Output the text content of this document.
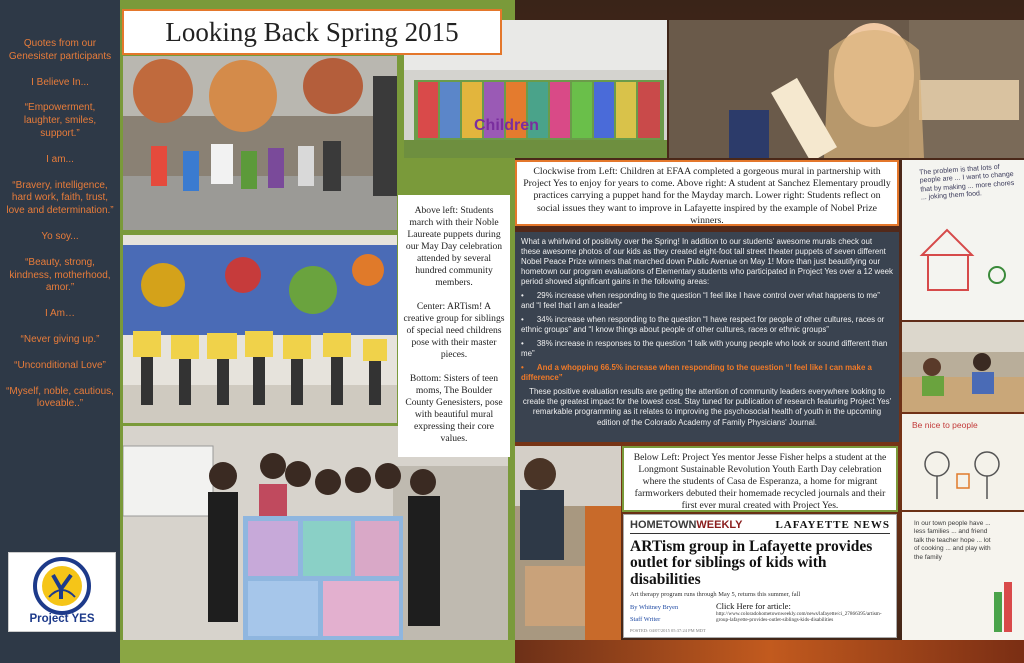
Quotes from our Genesister participants

I Believe In...

“Empowerment, laughter, smiles, support.”

I am...

“Bravery, intelligence, hard work, faith, trust, love and determination.”

Yo soy...

“Beauty, strong, kindness, motherhood, amor.”

I Am…

“Never giving up.”

“Unconditional Love”

“Myself, noble, cautious, loveable..”

Project YES
Children
The problem is that lots of people are ... I want to change that by making ... more chores ... joking them food.
Be nice to people
In our town people have ... less families ... and friend talk the teacher hope ... lot of cooking ... and play with the family
Looking Back Spring 2015

Above left: Students march with their Noble Laureate puppets during our May Day celebration attended by several hundred community members.

Center: ARTism! A creative group for siblings of special need childrens pose with their master pieces.

Bottom: Sisters of teen moms, The Boulder County Genesisters, pose with beautiful mural expressing their core values.

Clockwise from Left: Children at EFAA completed a gorgeous mural in partnership with Project Yes to enjoy for years to come. Above right: A student at Sanchez Elementary proudly practices carrying a puppet hand for the Mayday march. Lower right: Students reflect on social issues they want to improve in Lafayette inspired by the example of Nobel Prize winners.
Below Left: Project Yes mentor Jesse Fisher helps a student at the Longmont Sustainable Revolution Youth Earth Day celebration where the students of Casa de Esperanza, a home for migrant farmworkers debuted their homemade recycled journals and their first ever mural created with Project Yes.

What a whirlwind of positivity over the Spring! In addition to our students' awesome murals check out these awesome photos of our kids as they created eight-foot tall street theater puppets of seven different Nobel Peace Prize winners that marched down Public Avenue on May 1! More than just beautifying our hometown our program evaluations of Elementary students who participated in Project Yes over a 12 week period showed significant gains in the following areas:

•      29% increase when responding to the question “I feel like I have control over what happens to me” and “I feel that I am a leader”

•      34% increase when responding to the question “I have respect for people of other cultures, races or ethnic groups” and “I know things about people of other cultures, races or ethnic groups”

•      38% increase in responses to the question “I talk with young people who look or sound different than me”

•      And a whopping 66.5% increase when responding to the question “I feel like I can make a difference”

These positive evaluation results are getting the attention of community leaders everywhere looking to create the greatest impact for the lowest cost. Stay tuned for publication of research featuring Project Yes' remarkable programming as it relates to improving the psychosocial health of youth in the upcoming edition of the Colorado Academy of Family Physicians' Journal.

LAFAYETTE NEWS
HOMETOWNWEEKLY
ARTism group in Lafayette provides outlet for siblings of kids with disabilities
Art therapy program runs through May 5, returns this summer, fall
By Whitney Bryen
Staff Writer
Click Here for article:
http://www.coloradohometownweekly.com/news/lafayette/ci_27866395/artism-group-lafayette-provides-outlet-siblings-kids-disabilities
POSTED: 04/07/2015 05:37:24 PM MDT
